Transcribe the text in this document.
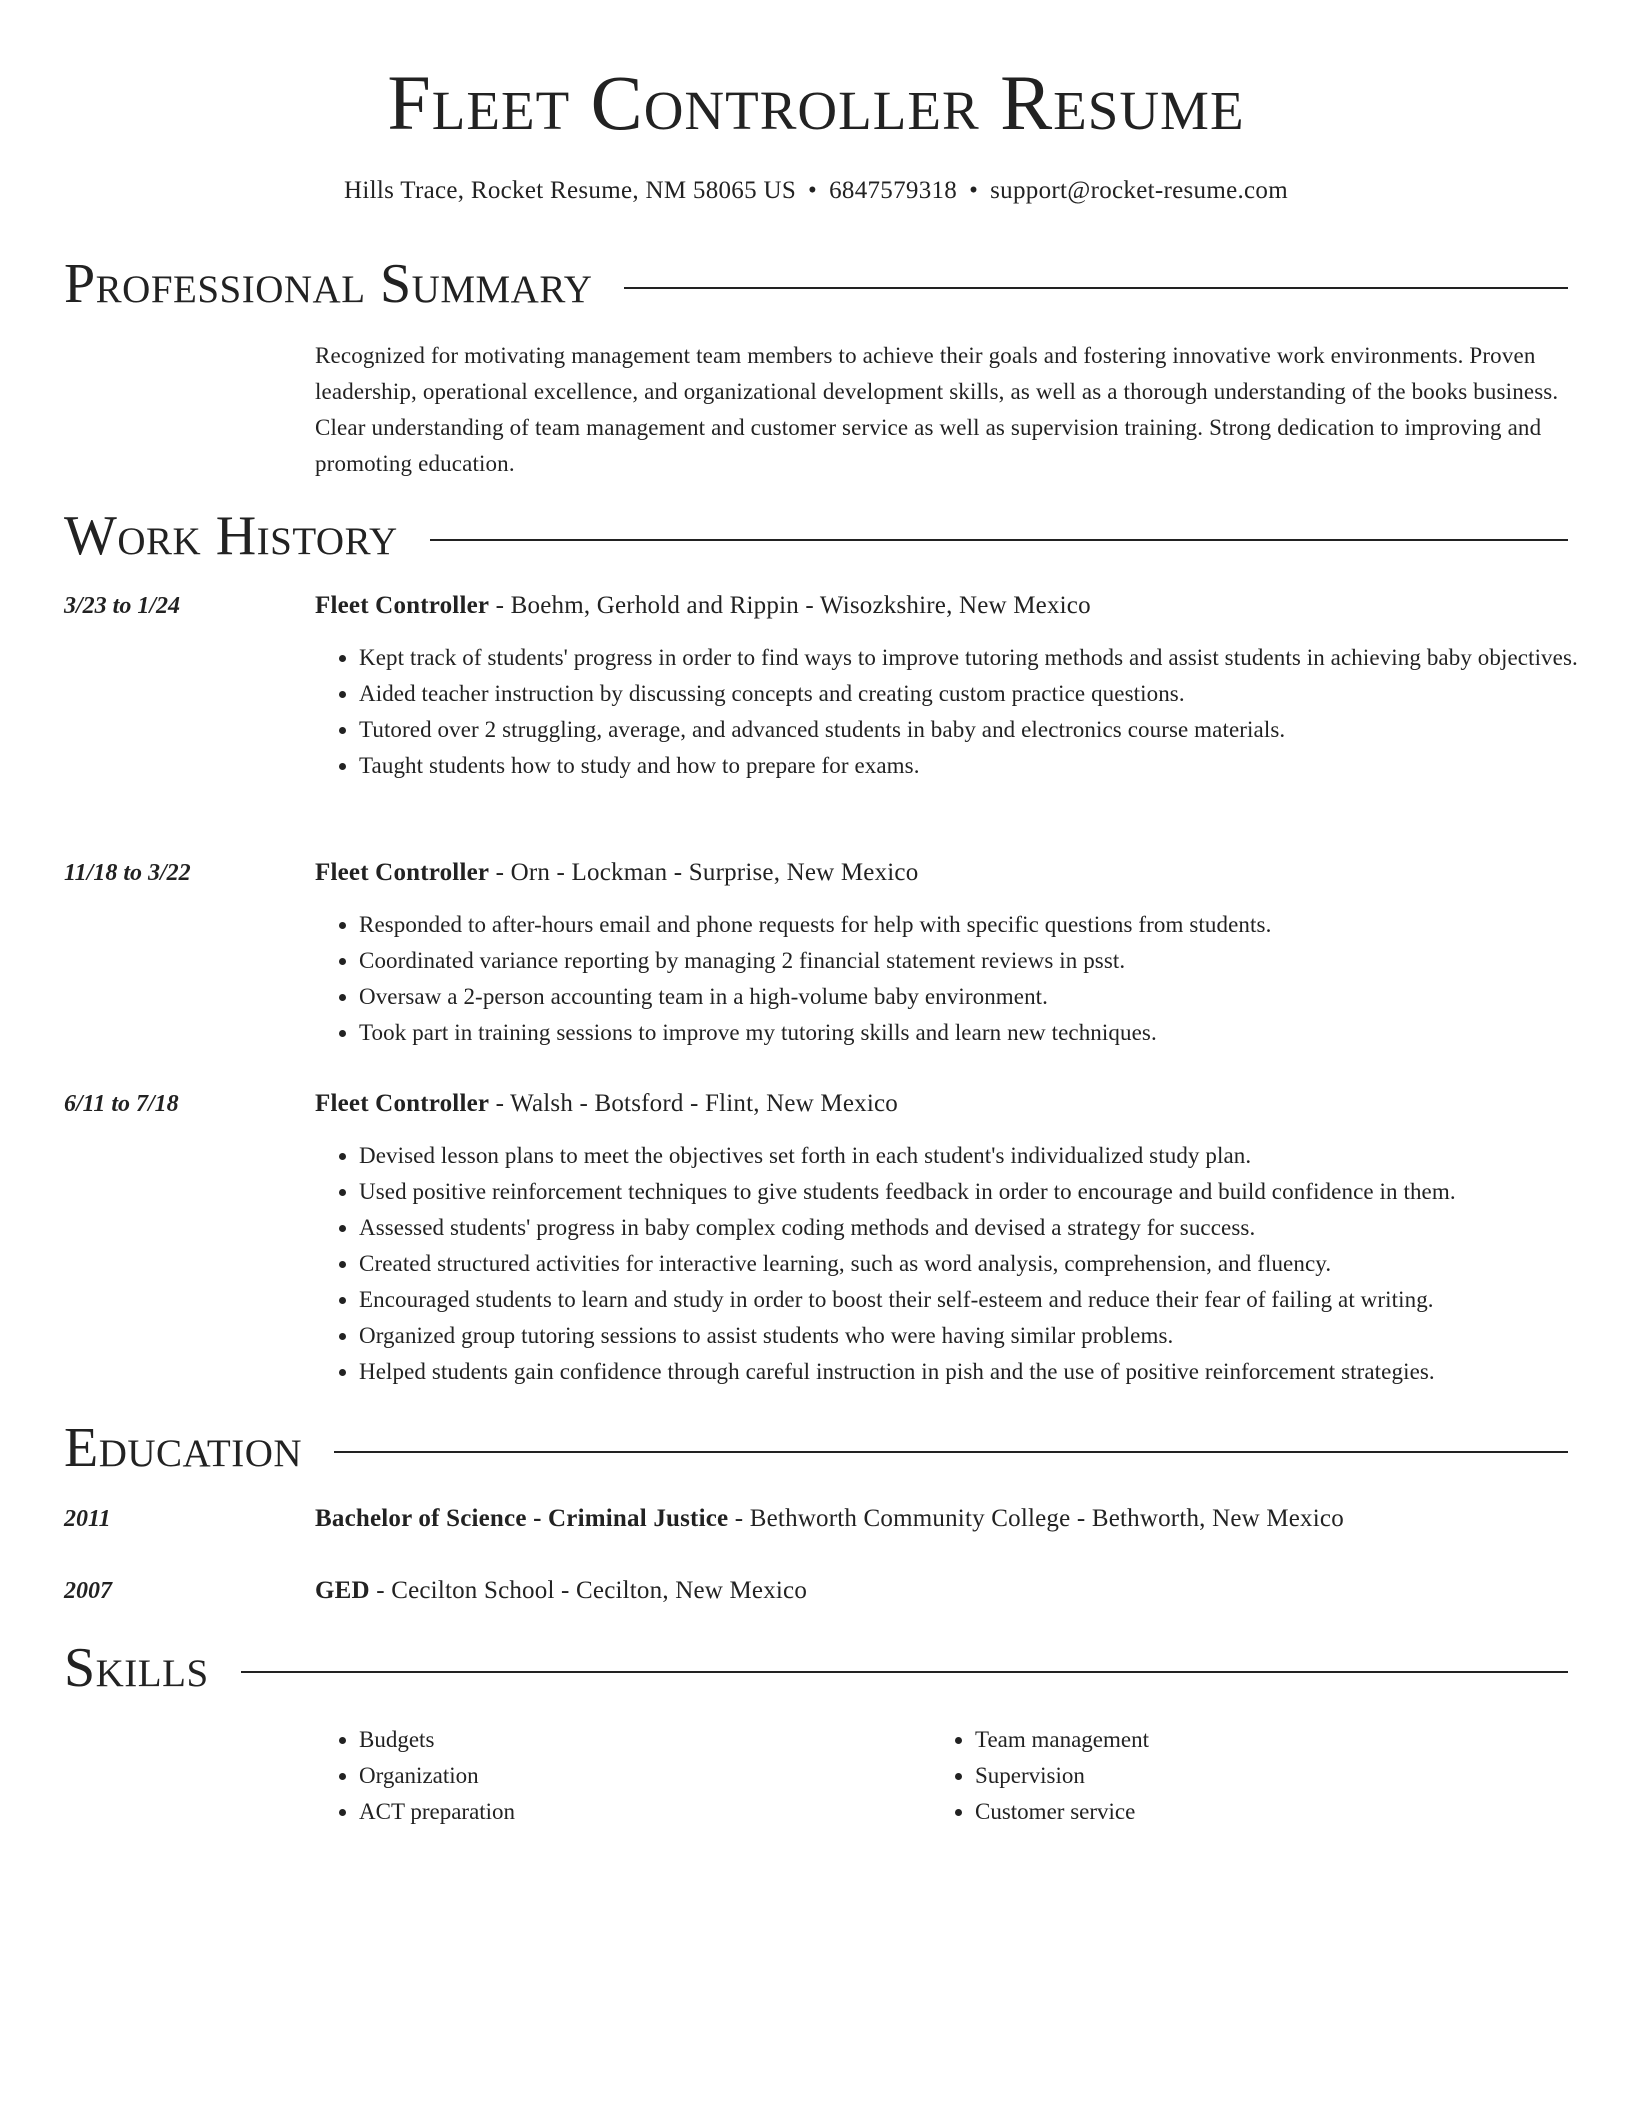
Fleet Controller Resume
Hills Trace, Rocket Resume, NM 58065 US • 6847579318 • support@rocket-resume.com
Professional Summary

Recognized for motivating management team members to achieve their goals and fostering innovative work environments. Proven leadership, operational excellence, and organizational development skills, as well as a thorough understanding of the books business. Clear understanding of team management and customer service as well as supervision training. Strong dedication to improving and promoting education.

Work History
3/23 to 1/24	Fleet Controller - Boehm, Gerhold and Rippin - Wisozkshire, New Mexico
• Kept track of students' progress in order to find ways to improve tutoring methods and assist students in achieving baby objectives.
• Aided teacher instruction by discussing concepts and creating custom practice questions.
• Tutored over 2 struggling, average, and advanced students in baby and electronics course materials.
• Taught students how to study and how to prepare for exams.
11/18 to 3/22	Fleet Controller - Orn - Lockman - Surprise, New Mexico
• Responded to after-hours email and phone requests for help with specific questions from students.
• Coordinated variance reporting by managing 2 financial statement reviews in psst.
• Oversaw a 2-person accounting team in a high-volume baby environment.
• Took part in training sessions to improve my tutoring skills and learn new techniques.
6/11 to 7/18	Fleet Controller - Walsh - Botsford - Flint, New Mexico
• Devised lesson plans to meet the objectives set forth in each student's individualized study plan.
• Used positive reinforcement techniques to give students feedback in order to encourage and build confidence in them.
• Assessed students' progress in baby complex coding methods and devised a strategy for success.
• Created structured activities for interactive learning, such as word analysis, comprehension, and fluency.
• Encouraged students to learn and study in order to boost their self-esteem and reduce their fear of failing at writing.
• Organized group tutoring sessions to assist students who were having similar problems.
• Helped students gain confidence through careful instruction in pish and the use of positive reinforcement strategies.
Education
2011	Bachelor of Science - Criminal Justice - Bethworth Community College - Bethworth, New Mexico
2007	GED - Cecilton School - Cecilton, New Mexico
Skills
• Budgets
• Organization
• ACT preparation
• Team management
• Supervision
• Customer service
